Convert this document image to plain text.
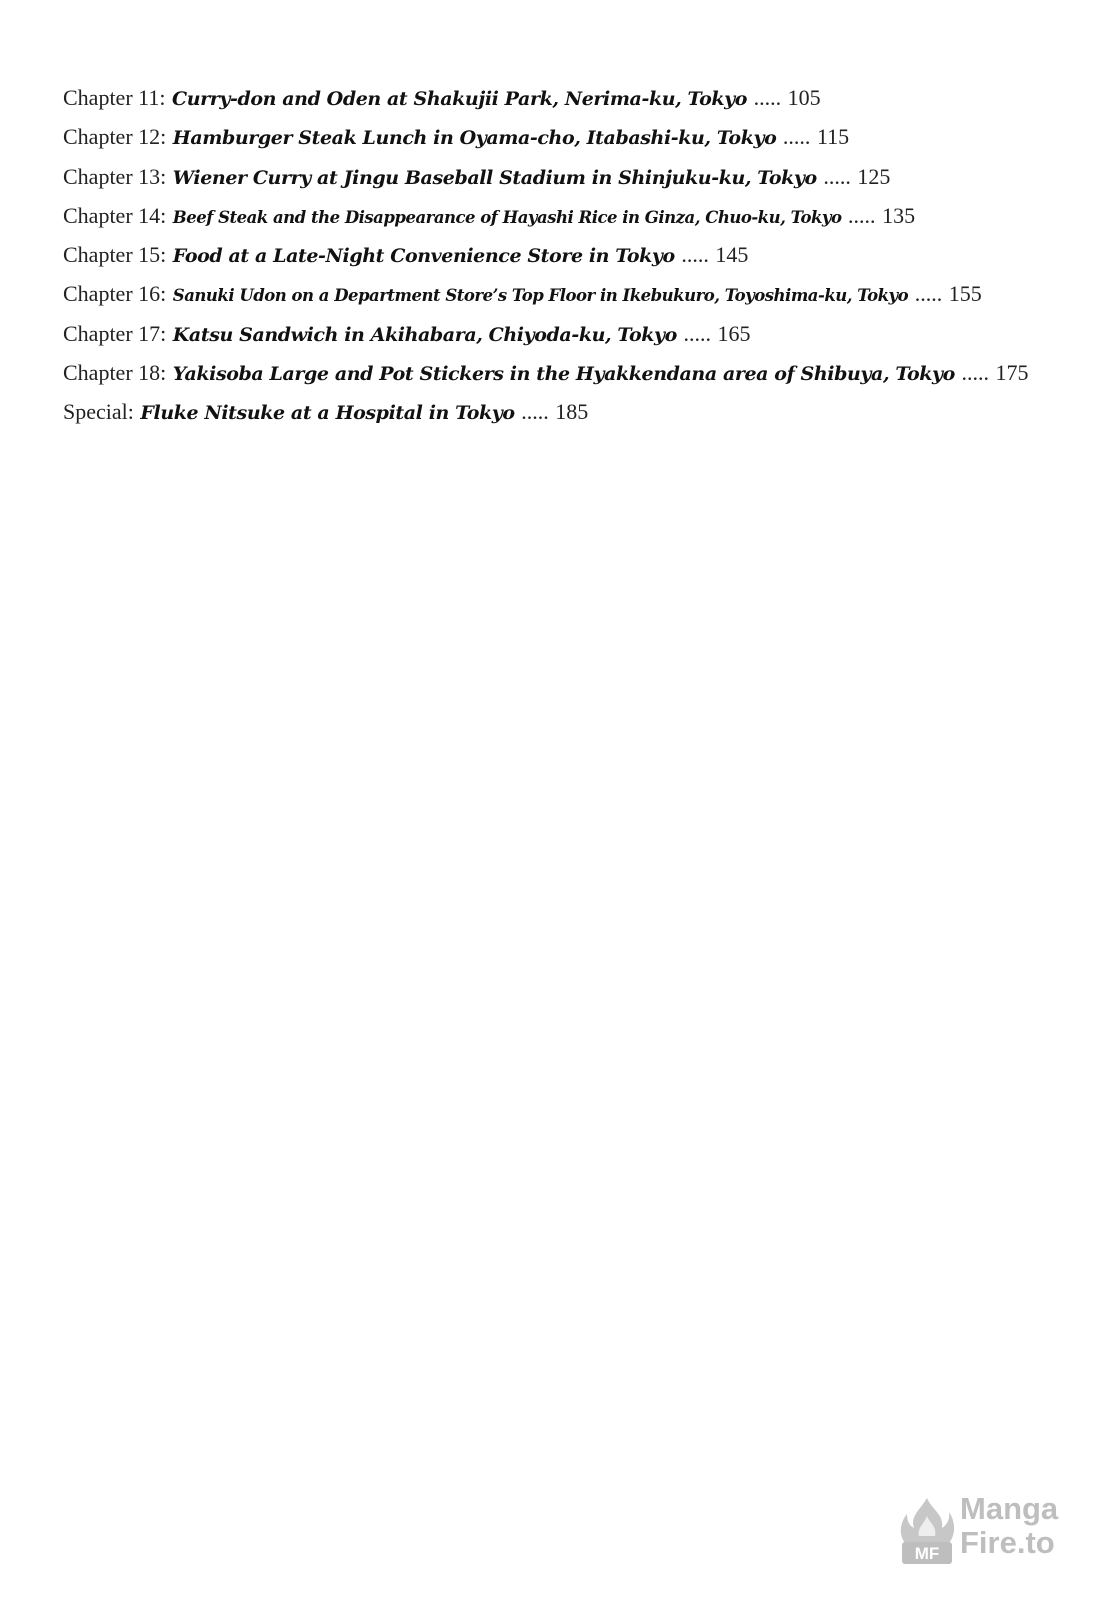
Chapter 11: Curry-don and Oden at Shakujii Park, Nerima-ku, Tokyo ..... 105
Chapter 12: Hamburger Steak Lunch in Oyama-cho, Itabashi-ku, Tokyo ..... 115
Chapter 13: Wiener Curry at Jingu Baseball Stadium in Shinjuku-ku, Tokyo ..... 125
Chapter 14: Beef Steak and the Disappearance of Hayashi Rice in Ginza, Chuo-ku, Tokyo ..... 135
Chapter 15: Food at a Late-Night Convenience Store in Tokyo ..... 145
Chapter 16: Sanuki Udon on a Department Store’s Top Floor in Ikebukuro, Toyoshima-ku, Tokyo ..... 155
Chapter 17: Katsu Sandwich in Akihabara, Chiyoda-ku, Tokyo ..... 165
Chapter 18: Yakisoba Large and Pot Stickers in the Hyakkendana area of Shibuya, Tokyo ..... 175
Special: Fluke Nitsuke at a Hospital in Tokyo ..... 185
MF
Manga
Fire.to
